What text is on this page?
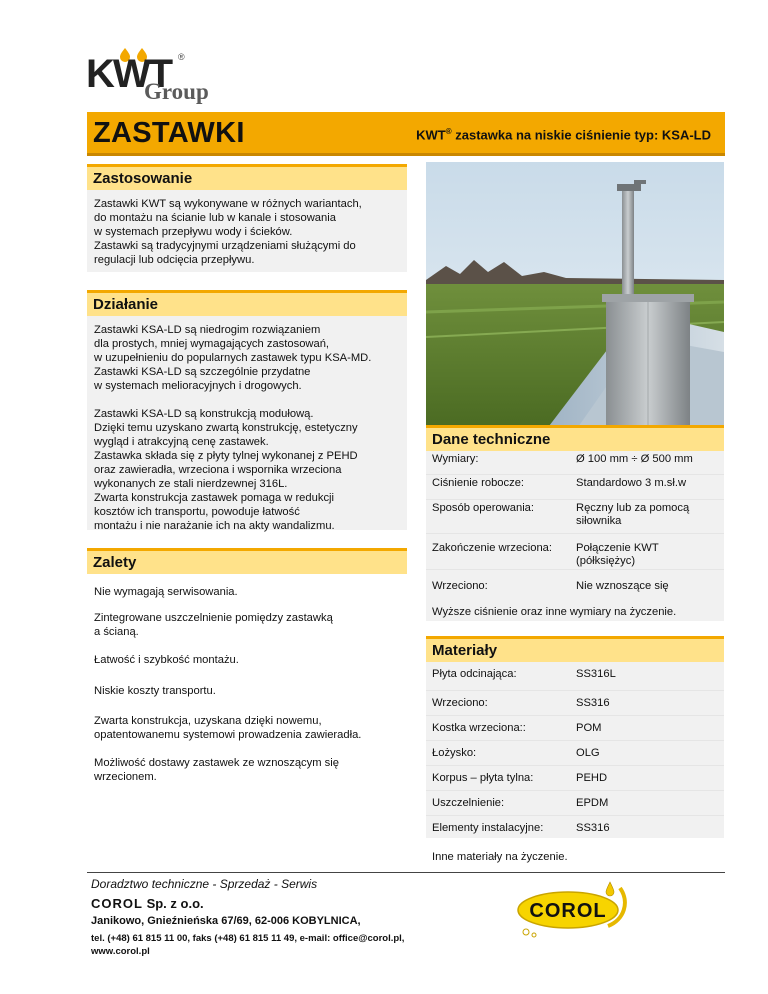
KWT ®
Group
ZASTAWKI	KWT® zastawka na niskie ciśnienie typ: KSA-LD
Zastosowanie

Zastawki KWT są wykonywane w różnych wariantach,
do montażu na ścianie lub w kanale i stosowania
w systemach przepływu wody i ścieków.
Zastawki są tradycyjnymi urządzeniami służącymi do
regulacji lub odcięcia przepływu.

Działanie

Zastawki KSA-LD są niedrogim rozwiązaniem
dla prostych, mniej wymagających zastosowań,
w uzupełnieniu do popularnych zastawek typu KSA-MD.
Zastawki KSA-LD są szczególnie przydatne
w systemach melioracyjnych i drogowych.

Zastawki KSA-LD są konstrukcją modułową.
Dzięki temu uzyskano zwartą konstrukcję, estetyczny
wygląd i atrakcyjną cenę zastawek.
Zastawka składa się z płyty tylnej wykonanej z PEHD
oraz zawieradła, wrzeciona i wspornika wrzeciona
wykonanych ze stali nierdzewnej 316L.
Zwarta konstrukcja zastawek pomaga w redukcji
kosztów ich transportu, powoduje łatwość
montażu i nie narażanie ich na akty wandalizmu.

Zalety

Nie wymagają serwisowania.

Zintegrowane uszczelnienie pomiędzy zastawką
a ścianą.

Łatwość i szybkość montażu.

Niskie koszty transportu.

Zwarta konstrukcja, uzyskana dzięki nowemu,
opatentowanemu systemowi prowadzenia zawieradła.

Możliwość dostawy zastawek ze wznoszącym się
wrzecionem.

Dane techniczne
Wymiary:	Ø 100 mm ÷ Ø 500 mm
Ciśnienie robocze:	Standardowo 3 m.sł.w
Sposób operowania:	Ręczny lub za pomocą
siłownika
Zakończenie wrzeciona:	Połączenie KWT
(półksiężyc)
Wrzeciono:	Nie wznoszące się
Wyższe ciśnienie oraz inne wymiary na życzenie.
Materiały
Płyta odcinająca:	SS316L
Wrzeciono:	SS316
Kostka wrzeciona::	POM
Łożysko:	OLG
Korpus – płyta tylna:	PEHD
Uszczelnienie:	EPDM
Elementy instalacyjne:	SS316
Inne materiały na życzenie.
Doradztwo techniczne - Sprzedaż - Serwis
COROL Sp. z o.o.
Janikowo, Gnieźnieńska 67/69, 62-006 KOBYLNICA,
tel. (+48) 61 815 11 00, faks (+48) 61 815 11 49, e-mail: office@corol.pl,
www.corol.pl
COROL
